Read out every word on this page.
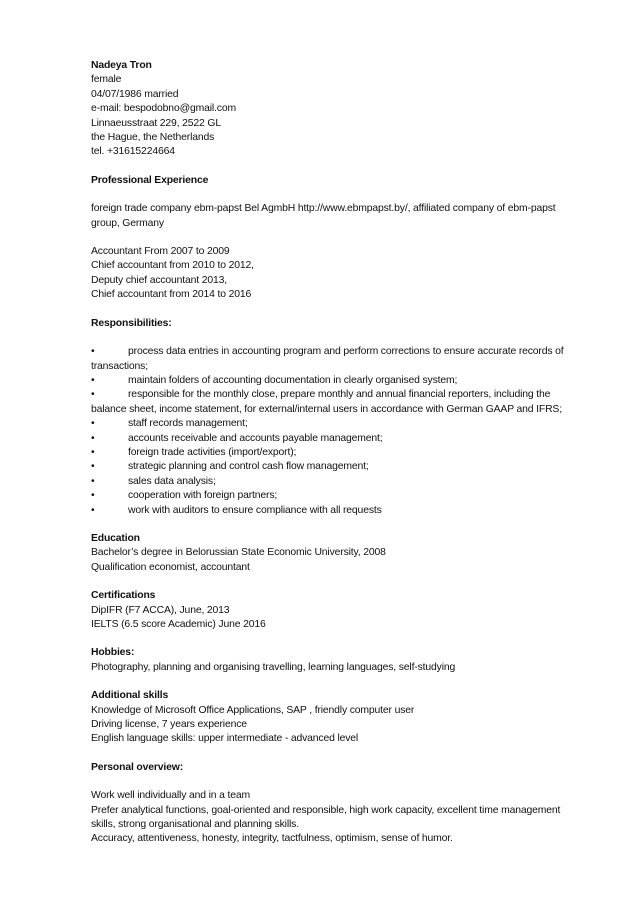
Nadeya Tron
female
04/07/1986 married
e-mail: bespodobno@gmail.com
Linnaeusstraat 229, 2522 GL
the Hague, the Netherlands
tel. +31615224664
Professional Experience
foreign trade company ebm-papst Bel AgmbH http://www.ebmpapst.by/, affiliated company of ebm-papst group, Germany
Accountant From 2007 to 2009
Chief accountant from 2010 to 2012,
Deputy chief accountant 2013,
Chief accountant from 2014 to 2016
Responsibilities:
•	process data entries in accounting program and perform corrections to ensure accurate records of transactions;
•	maintain folders of accounting documentation in clearly organised system;
•	responsible for the monthly close, prepare monthly and annual financial reporters, including the balance sheet, income statement, for external/internal users in accordance with German GAAP and IFRS;
•	staff records management;
•	accounts receivable and accounts payable management;
•	foreign trade activities (import/export);
•	strategic planning and control cash flow management;
•	sales data analysis;
•	cooperation with foreign partners;
•	work with auditors to ensure compliance with all requests
Education
Bachelor’s degree in Belorussian State Economic University, 2008
Qualification economist, accountant
Certifications
DipIFR (F7 ACCA), June, 2013
IELTS (6.5 score Academic) June 2016
Hobbies:
Photography, planning and organising travelling, learning languages, self-studying
Additional skills
Knowledge of Microsoft Office Applications, SAP , friendly computer user
Driving license, 7 years experience
English language skills: upper intermediate - advanced level
Personal overview:
Work well individually and in a team
Prefer analytical functions, goal-oriented and responsible, high work capacity, excellent time management skills, strong organisational and planning skills.
Accuracy, attentiveness, honesty, integrity, tactfulness, optimism, sense of humor.
